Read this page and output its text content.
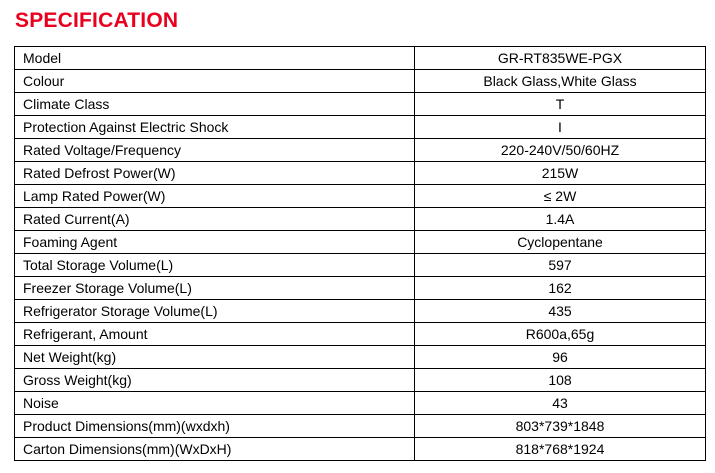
SPECIFICATION
Model	GR-RT835WE-PGX
Colour	Black Glass,White Glass
Climate Class	T
Protection Against Electric Shock	I
Rated Voltage/Frequency	220-240V/50/60HZ
Rated Defrost Power(W)	215W
Lamp Rated Power(W)	≤ 2W
Rated Current(A)	1.4A
Foaming Agent	Cyclopentane
Total Storage Volume(L)	597
Freezer Storage Volume(L)	162
Refrigerator Storage Volume(L)	435
Refrigerant, Amount	R600a,65g
Net Weight(kg)	96
Gross Weight(kg)	108
Noise	43
Product Dimensions(mm)(wxdxh)	803*739*1848
Carton Dimensions(mm)(WxDxH)	818*768*1924
